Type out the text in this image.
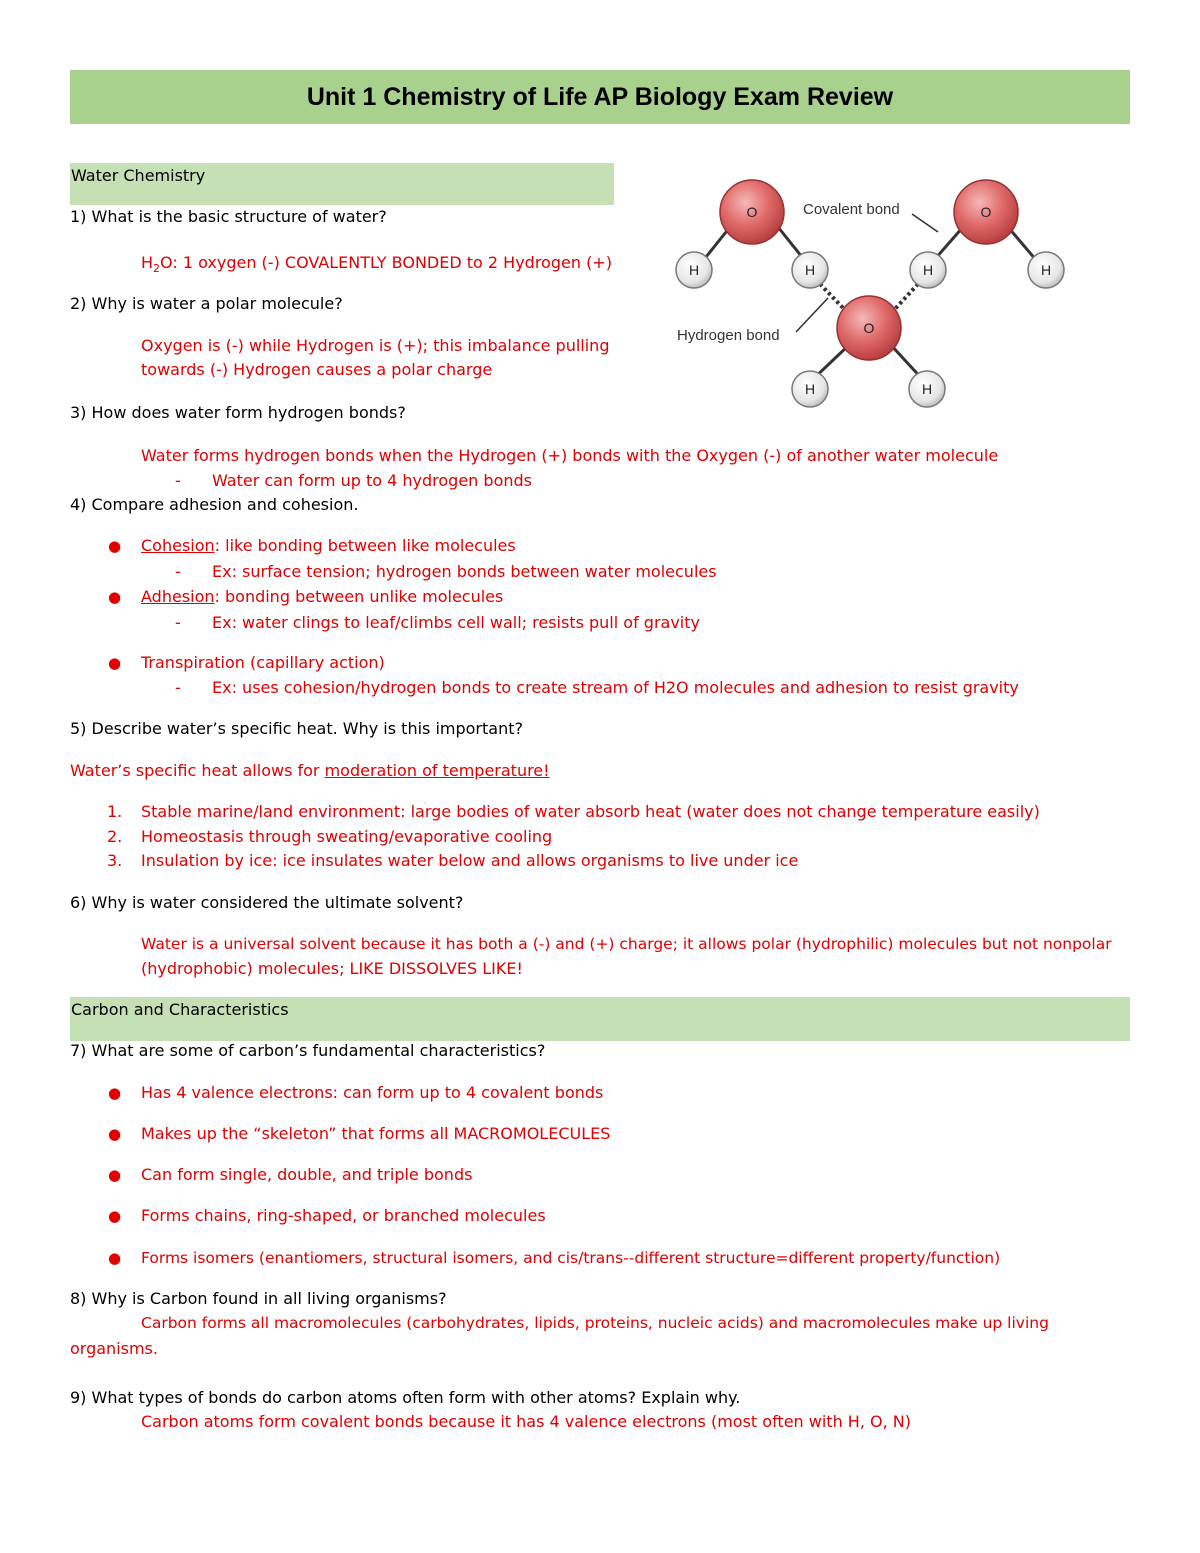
Unit 1 Chemistry of Life AP Biology Exam Review
Water Chemistry
O	O
O
H	H	H	H
H	H
Covalent bond
Hydrogen bond
1) What is the basic structure of water?
$H_2O$: 1 oxygen (-) COVALENTLY BONDED to 2 Hydrogen (+)
2) Why is water a polar molecule?
Oxygen is (-) while Hydrogen is (+); this imbalance pulling
towards (-) Hydrogen causes a polar charge
3) How does water form hydrogen bonds?
Water forms hydrogen bonds when the Hydrogen (+) bonds with the Oxygen (-) of another water molecule
- Water can form up to 4 hydrogen bonds
4) Compare adhesion and cohesion.
● Cohesion: like bonding between like molecules
- Ex: surface tension; hydrogen bonds between water molecules
● Adhesion: bonding between unlike molecules
- Ex: water clings to leaf/climbs cell wall; resists pull of gravity
● Transpiration (capillary action)
- Ex: uses cohesion/hydrogen bonds to create stream of H2O molecules and adhesion to resist gravity
5) Describe water’s specific heat. Why is this important?
Water’s specific heat allows for moderation of temperature!
1. Stable marine/land environment: large bodies of water absorb heat (water does not change temperature easily)
2. Homeostasis through sweating/evaporative cooling
3. Insulation by ice: ice insulates water below and allows organisms to live under ice
6) Why is water considered the ultimate solvent?
Water is a universal solvent because it has both a (-) and (+) charge; it allows polar (hydrophilic) molecules but not nonpolar
(hydrophobic) molecules; LIKE DISSOLVES LIKE!
Carbon and Characteristics
7) What are some of carbon’s fundamental characteristics?
● Has 4 valence electrons: can form up to 4 covalent bonds
● Makes up the “skeleton” that forms all MACROMOLECULES
● Can form single, double, and triple bonds
● Forms chains, ring-shaped, or branched molecules
● Forms isomers (enantiomers, structural isomers, and cis/trans--different structure=different property/function)
8) Why is Carbon found in all living organisms?
Carbon forms all macromolecules (carbohydrates, lipids, proteins, nucleic acids) and macromolecules make up living
organisms.
9) What types of bonds do carbon atoms often form with other atoms? Explain why.
Carbon atoms form covalent bonds because it has 4 valence electrons (most often with H, O, N)
